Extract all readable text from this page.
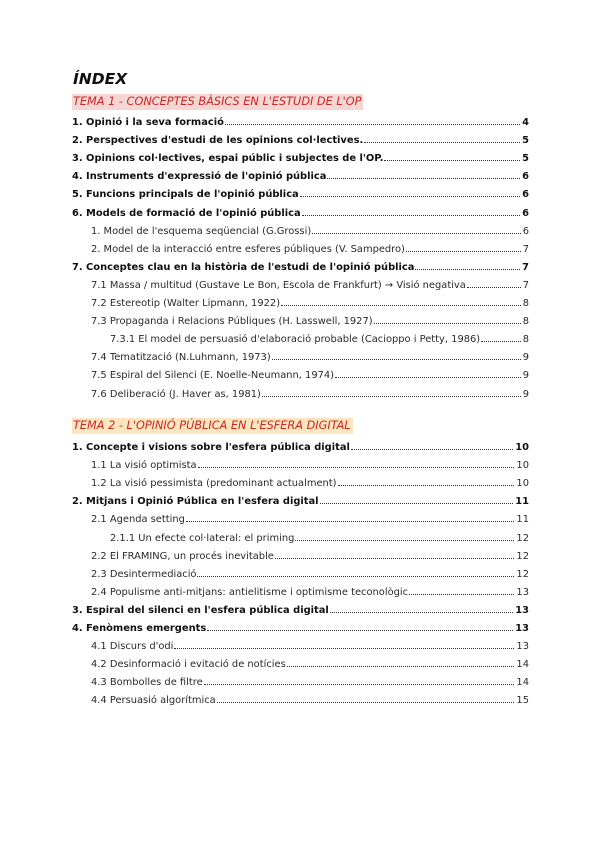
ÍNDEX
TEMA 1 - CONCEPTES BÀSICS EN L'ESTUDI DE L'OP
1. Opinió i la seva formació	4
2. Perspectives d'estudi de les opinions col·lectives.	5
3. Opinions col·lectives, espai públic i subjectes de l'OP.	5
4. Instruments d'expressió de l'opinió pública	6
5. Funcions principals de l'opinió pública	6
6. Models de formació de l'opinió pública	6
1. Model de l'esquema seqüencial (G.Grossi)	6
2. Model de la interacció entre esferes públiques (V. Sampedro)	7
7. Conceptes clau en la història de l'estudi de l'opinió pública	7
7.1 Massa / multitud (Gustave Le Bon, Escola de Frankfurt) → Visió negativa	7
7.2 Estereotip (Walter Lipmann, 1922)	8
7.3 Propaganda i Relacions Públiques (H. Lasswell, 1927)	8
7.3.1 El model de persuasió d'elaboració probable (Cacioppo i Petty, 1986)	8
7.4 Tematització (N.Luhmann, 1973)	9
7.5 Espiral del Silenci (E. Noelle-Neumann, 1974)	9
7.6 Deliberació (J. Haver as, 1981)	9
TEMA 2 - L'OPINIÓ PÚBLICA EN L'ESFERA DIGITAL
1. Concepte i visions sobre l'esfera pública digital	10
1.1 La visió optimista	10
1.2 La visió pessimista (predominant actualment)	10
2. Mitjans i Opinió Pública en l'esfera digital	11
2.1 Agenda setting	11
2.1.1 Un efecte col·lateral: el priming	12
2.2 El FRAMING, un procés inevitable	12
2.3 Desintermediació	12
2.4 Populisme anti-mitjans: antielitisme i optimisme teconològic	13
3. Espiral del silenci en l'esfera pública digital	13
4. Fenòmens emergents	13
4.1 Discurs d'odi	13
4.2 Desinformació i evitació de notícies	14
4.3 Bombolles de filtre	14
4.4 Persuasió algorítmica	15
